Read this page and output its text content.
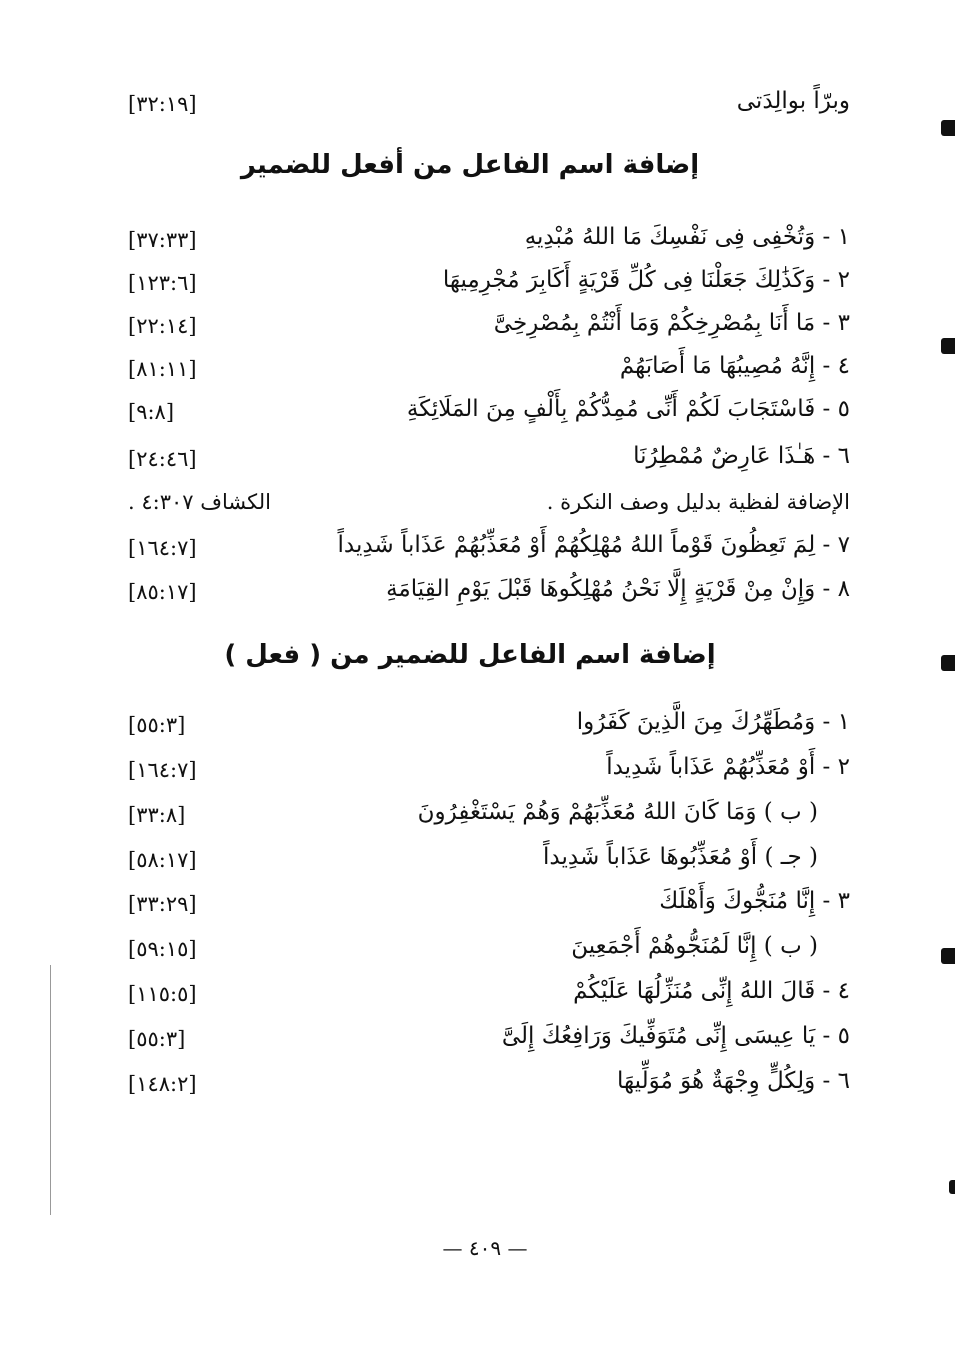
[٣٢:١٩]	وبرّاً بوالِدَتى
إضافة اسم الفاعل من أفعل للضمير
[٣٧:٣٣]	١ - وَتُخْفِى فِى نَفْسِكَ مَا اللهُ مُبْدِيهِ
[١٢٣:٦]	٢ - وَكَذَٰلِكَ جَعَلْنَا فِى كُلِّ قَرْيَةٍ أَكَابِرَ مُجْرِمِيهَا
[٢٢:١٤]	٣ - مَا أَنَا بِمُصْرِخِكُمْ وَمَا أَنْتُمْ بِمُصْرِخِىَّ
[٨١:١١]	٤ - إِنَّهُ مُصِيبُهَا مَا أَصَابَهُمْ
[٩:٨]	٥ - فَاسْتَجَابَ لَكُمْ أَنِّى مُمِدُّكُمْ بِأَلْفٍ مِنَ المَلَائِكَةِ
[٢٤:٤٦]	٦ - هَـٰذَا عَارِضٌ مُمْطِرُنَا
الإضافة لفظية بدليل وصف النكرة .
الكشاف ٤:٣٠٧ .
[١٦٤:٧]	٧ - لِمَ تَعِظُونَ قَوْماً اللهُ مُهْلِكُهُمْ أَوْ مُعَذِّبُهُمْ عَذَاباً شَدِيداً
[٨٥:١٧]	٨ - وَإِنْ مِنْ قَرْيَةٍ إِلَّا نَحْنُ مُهْلِكُوهَا قَبْلَ يَوْمِ القِيَامَةِ
إضافة اسم الفاعل للضمير من ( فعل )
[٥٥:٣]	١ - وَمُطَهِّرُكَ مِنَ الَّذِينَ كَفَرُوا
[١٦٤:٧]	٢ - أَوْ مُعَذِّبُهُمْ عَذَاباً شَدِيداً
[٣٣:٨]	( ب ) وَمَا كَانَ اللهُ مُعَذِّبَهُمْ وَهُمْ يَسْتَغْفِرُونَ
[٥٨:١٧]	( جـ ) أَوْ مُعَذِّبُوهَا عَذَاباً شَدِيداً
[٣٣:٢٩]	٣ - إِنَّا مُنَجُّوكَ وَأَهْلَكَ
[٥٩:١٥]	( ب ) إِنَّا لَمُنَجُّوهُمْ أَجْمَعِينَ
[١١٥:٥]	٤ - قَالَ اللهُ إِنِّى مُنَزِّلُهَا عَلَيْكُمْ
[٥٥:٣]	٥ - يَا عِيسَى إِنِّى مُتَوَفِّيكَ وَرَافِعُكَ إِلَىَّ
[١٤٨:٢]	٦ - وَلِكُلٍّ وِجْهَةٌ هُوَ مُوَلِّيهَا
— ٤٠٩ —
